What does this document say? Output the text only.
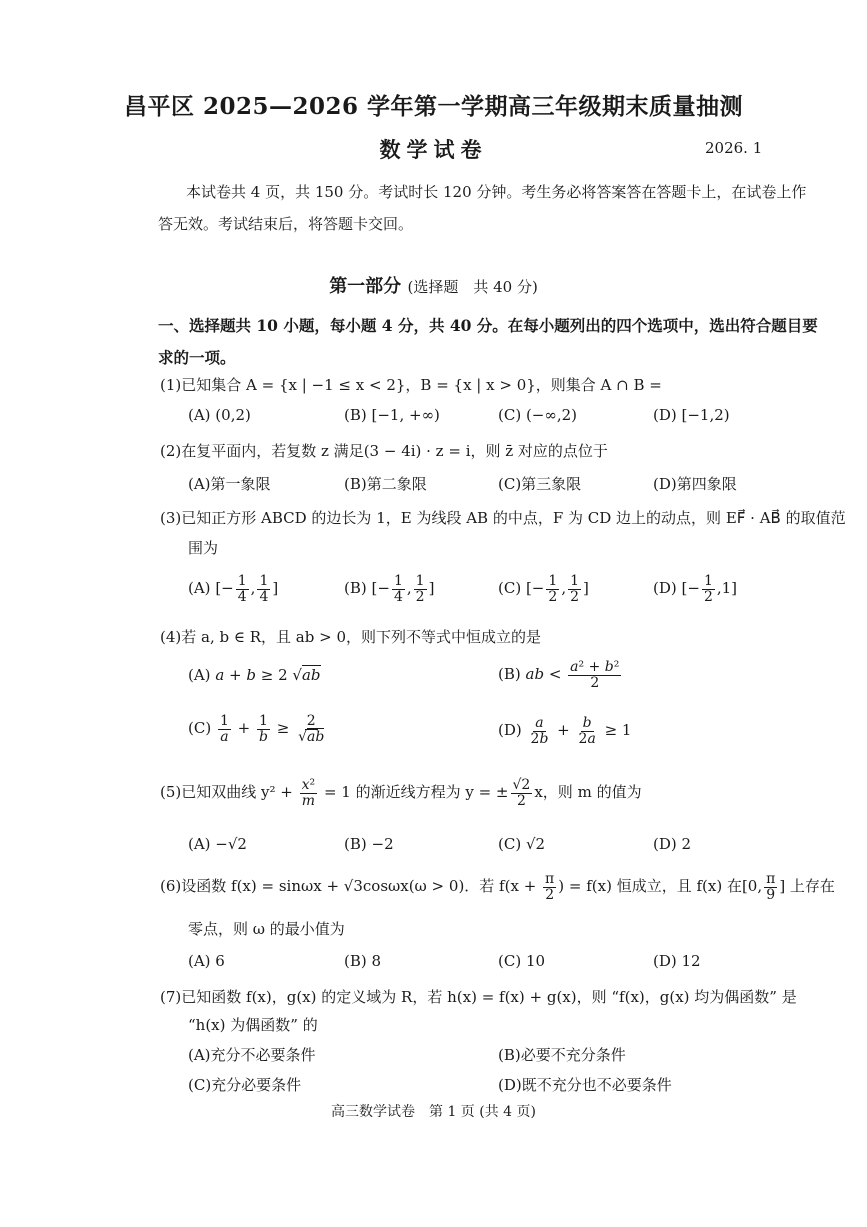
昌平区 2025—2026 学年第一学期高三年级期末质量抽测
数学试卷	2026. 1
本试卷共 4 页，共 150 分。考试时长 120 分钟。考生务必将答案答在答题卡上，在试卷上作答无效。考试结束后，将答题卡交回。
第一部分 (选择题　共 40 分)
一、选择题共 10 小题，每小题 4 分，共 40 分。在每小题列出的四个选项中，选出符合题目要求的一项。
(1)已知集合 A = {x | −1 ≤ x < 2}，B = {x | x > 0}，则集合 A ∩ B =
(A) (0,2)	(B) [−1, +∞)	(C) (−∞,2)	(D) [−1,2)
(2)在复平面内，若复数 z 满足(3 − 4i) · z = i，则 z̄ 对应的点位于
(A)第一象限	(B)第二象限	(C)第三象限	(D)第四象限
(3)已知正方形 ABCD 的边长为 1，E 为线段 AB 的中点，F 为 CD 边上的动点，则 EF⃗ · AB⃗ 的取值范
围为
(A) [− $\frac{1}{4}$ , $\frac{1}{4}$ ]	(B) [− $\frac{1}{4}$ , $\frac{1}{2}$ ]	(C) [− $\frac{1}{2}$ , $\frac{1}{2}$ ]	(D) [− $\frac{1}{2} ,1$]
(4)若 a, b ∈ R，且 ab > 0，则下列不等式中恒成立的是
(A) a + b ≥ 2 √ab	(B) ab < $\frac{\text{a² + b²}}{2}$
$(C) \frac{1}{a} + \frac{1}{b} \ge \frac{2}{√ab}$	$(D) \frac{a}{2b} + \frac{b}{2a} \ge 1$
(5)已知双曲线 $y^2 + \frac{\text{x²}}{m} = 1$ 的渐近线方程为 y = ± $\frac{√2}{2}$ x，则 m 的值为
(A) −√2	(B) −2	(C) √2	(D) 2
(6)设函数 f(x) = sinωx + √3cosωx(ω > 0)．若 $f(x + \frac{\pi}{2}$ ) = f(x) 恒成立，且 f(x) 在[0, $\frac{\pi}{9}$ ] 上存在
零点，则 ω 的最小值为
(A) 6	(B) 8	(C) 10	(D) 12
(7)已知函数 f(x)，g(x) 的定义域为 R，若 h(x) = f(x) + g(x)，则 “f(x)，g(x) 均为偶函数” 是
“h(x) 为偶函数” 的
(A)充分不必要条件	(B)必要不充分条件
(C)充分必要条件	(D)既不充分也不必要条件
高三数学试卷　第 1 页 (共 4 页)
